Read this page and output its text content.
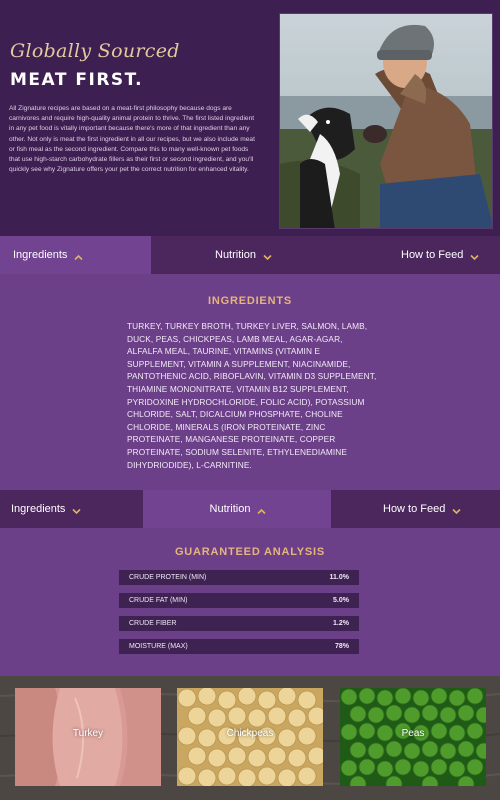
Globally Sourced
MEAT FIRST.
All Zignature recipes are based on a meat-first philosophy because dogs are carnivores and require high-quality animal protein to thrive. The first listed ingredient in any pet food is vitally important because there's more of that ingredient than any other. Not only is meat the first ingredient in all our recipes, but we also include meat or fish meal as the second ingredient. Compare this to many well-known pet foods that use high-starch carbohydrate fillers as their first or second ingredient, and you'll quickly see why Zignature offers your pet the correct nutrition for enhanced vitality.
Ingredients	Nutrition	How to Feed
INGREDIENTS
TURKEY, TURKEY BROTH, TURKEY LIVER, SALMON, LAMB, DUCK, PEAS, CHICKPEAS, LAMB MEAL, AGAR-AGAR, ALFALFA MEAL, TAURINE, VITAMINS (VITAMIN E SUPPLEMENT, VITAMIN A SUPPLEMENT, NIACINAMIDE, PANTOTHENIC ACID, RIBOFLAVIN, VITAMIN D3 SUPPLEMENT, THIAMINE MONONITRATE, VITAMIN B12 SUPPLEMENT, PYRIDOXINE HYDROCHLORIDE, FOLIC ACID), POTASSIUM CHLORIDE, SALT, DICALCIUM PHOSPHATE, CHOLINE CHLORIDE, MINERALS (IRON PROTEINATE, ZINC PROTEINATE, MANGANESE PROTEINATE, COPPER PROTEINATE, SODIUM SELENITE, ETHYLENEDIAMINE DIHYDRIODIDE), L-CARNITINE.
Ingredients	Nutrition	How to Feed
GUARANTEED ANALYSIS
CRUDE PROTEIN (MIN)	11.0%
CRUDE FAT (MIN)	5.0%
CRUDE FIBER	1.2%
MOISTURE (MAX)	78%
Turkey	Chickpeas	Peas
